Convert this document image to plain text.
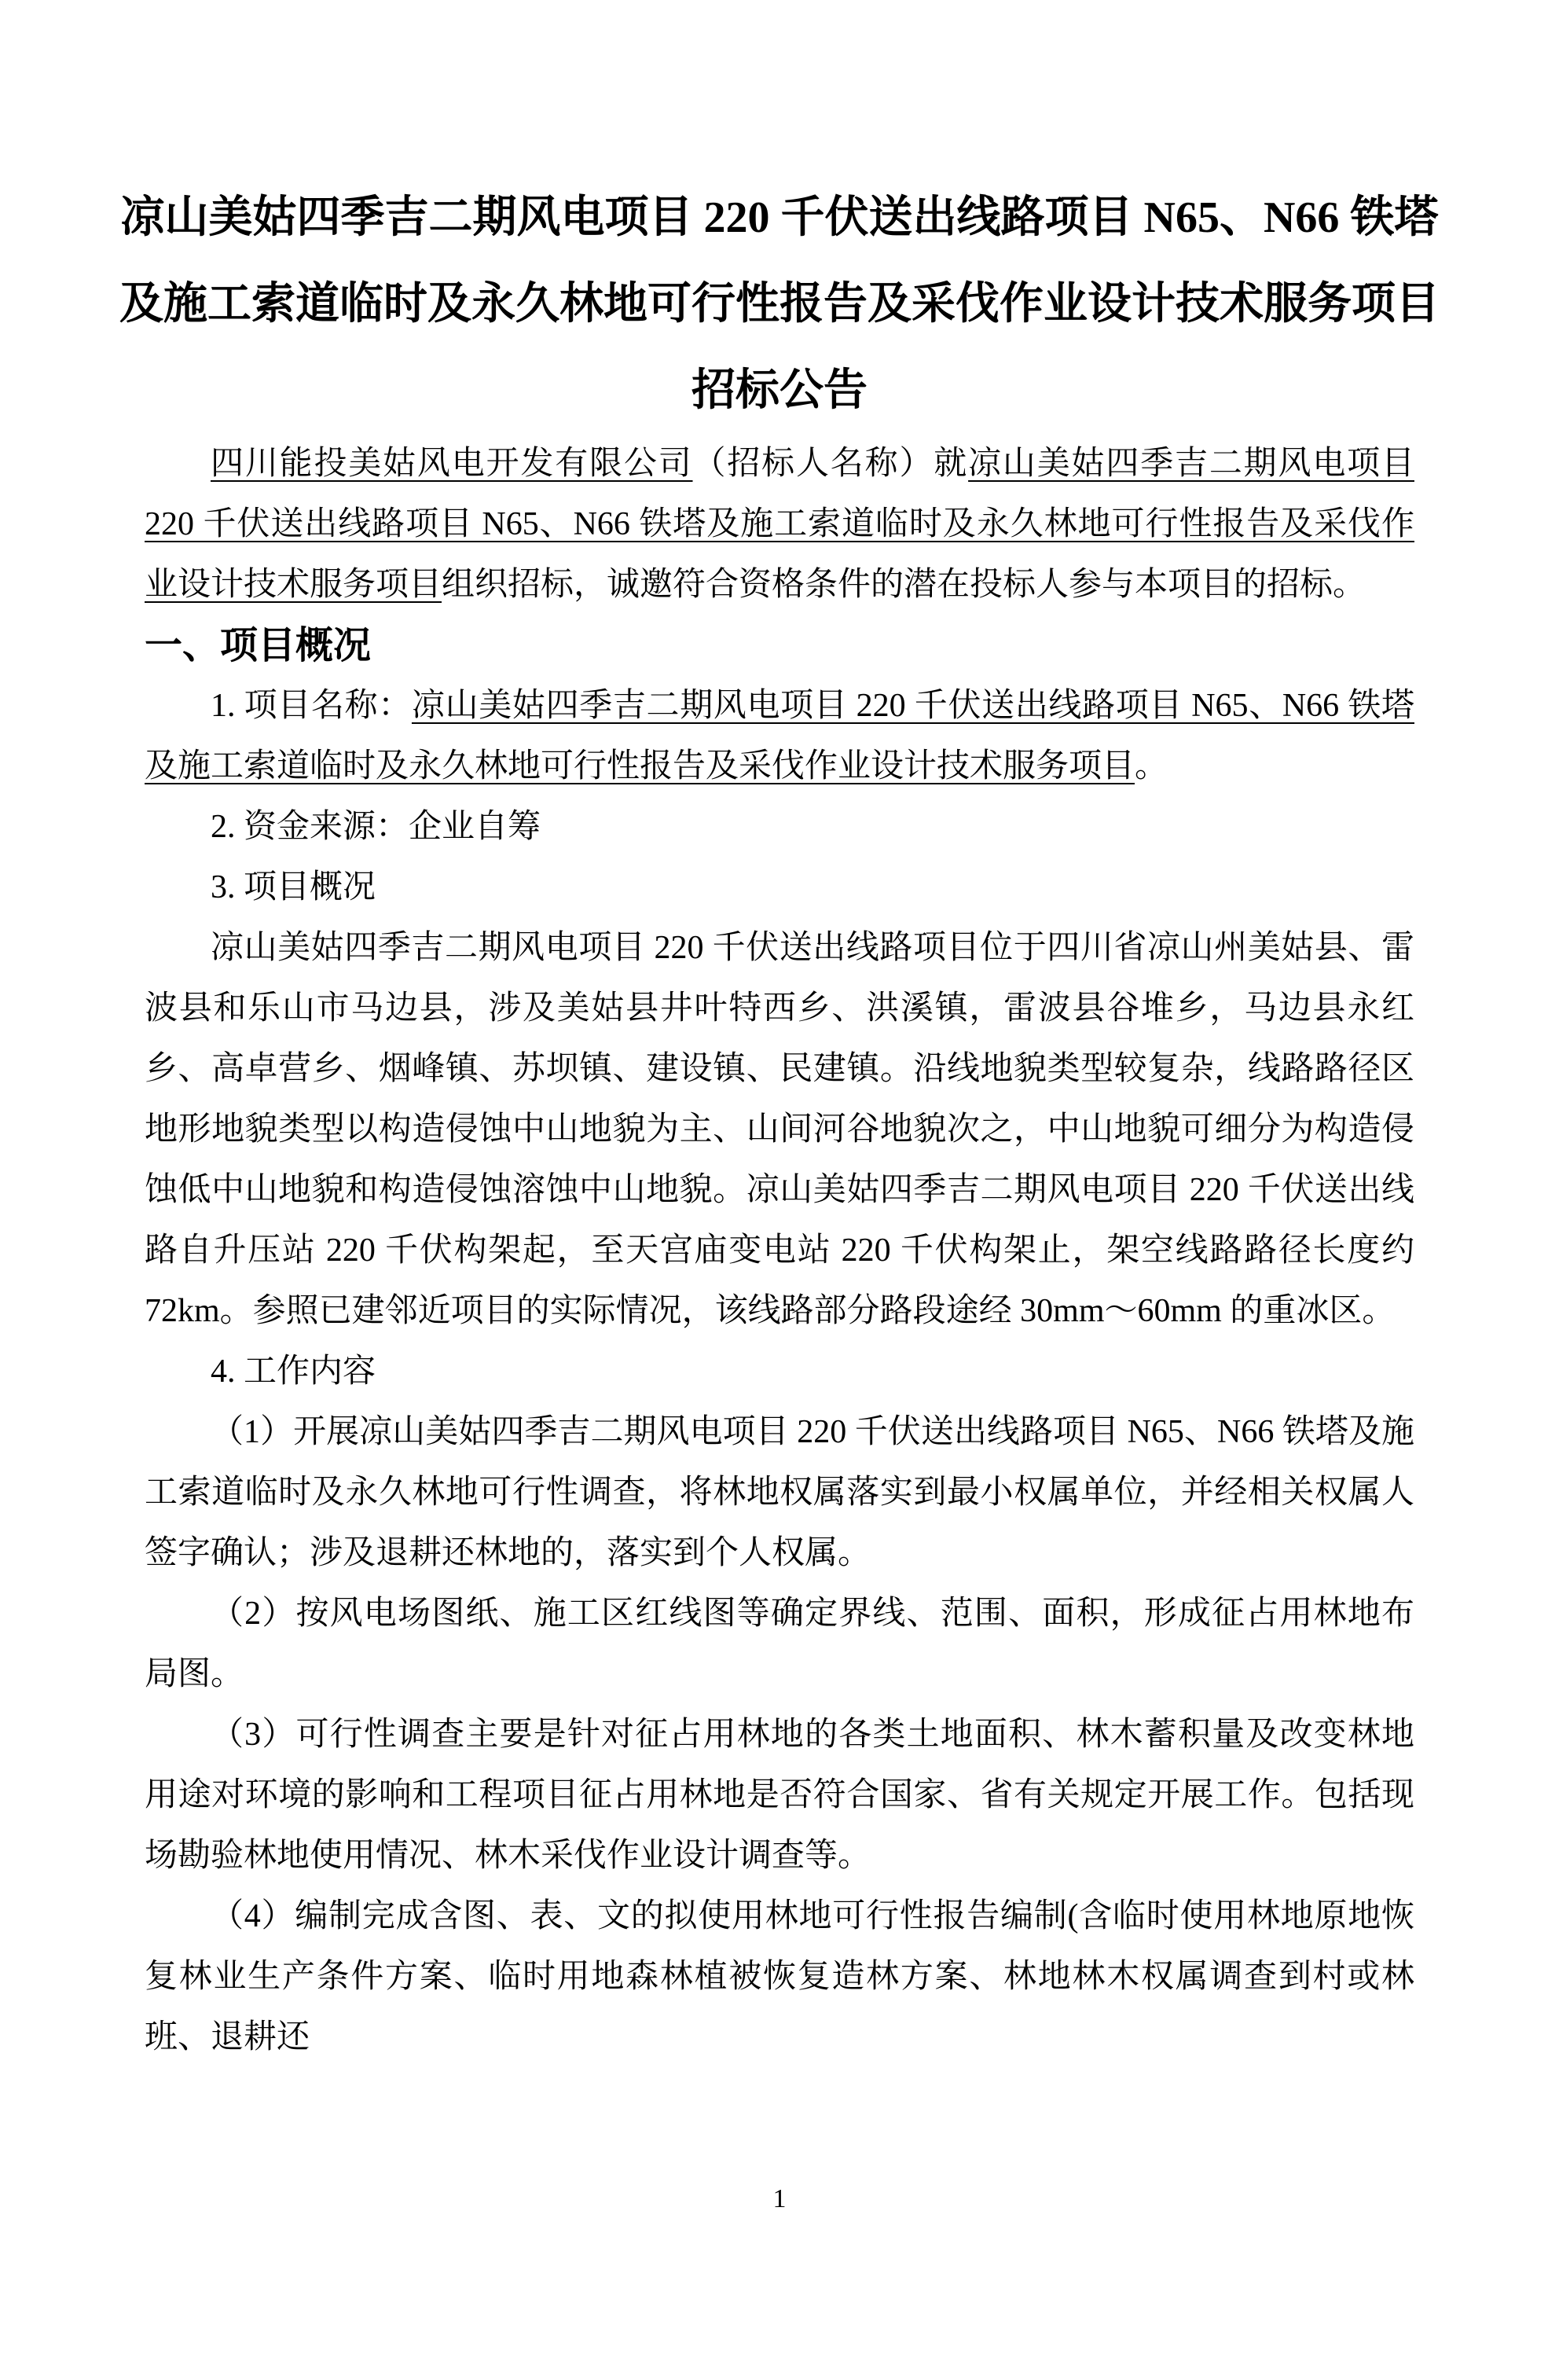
凉山美姑四季吉二期风电项目 220 千伏送出线路项目 N65、N66 铁塔
及施工索道临时及永久林地可行性报告及采伐作业设计技术服务项目
招标公告

四川能投美姑风电开发有限公司（招标人名称）就凉山美姑四季吉二期风电项目 220 千伏送出线路项目 N65、N66 铁塔及施工索道临时及永久林地可行性报告及采伐作业设计技术服务项目组织招标，诚邀符合资格条件的潜在投标人参与本项目的招标。

一、项目概况

1. 项目名称：凉山美姑四季吉二期风电项目 220 千伏送出线路项目 N65、N66 铁塔及施工索道临时及永久林地可行性报告及采伐作业设计技术服务项目。

2. 资金来源：企业自筹

3. 项目概况

凉山美姑四季吉二期风电项目 220 千伏送出线路项目位于四川省凉山州美姑县、雷波县和乐山市马边县，涉及美姑县井叶特西乡、洪溪镇，雷波县谷堆乡，马边县永红乡、高卓营乡、烟峰镇、苏坝镇、建设镇、民建镇。沿线地貌类型较复杂，线路路径区地形地貌类型以构造侵蚀中山地貌为主、山间河谷地貌次之，中山地貌可细分为构造侵蚀低中山地貌和构造侵蚀溶蚀中山地貌。凉山美姑四季吉二期风电项目 220 千伏送出线路自升压站 220 千伏构架起，至天宫庙变电站 220 千伏构架止，架空线路路径长度约 72km。参照已建邻近项目的实际情况，该线路部分路段途经 30mm～60mm 的重冰区。

4. 工作内容

（1）开展凉山美姑四季吉二期风电项目 220 千伏送出线路项目 N65、N66 铁塔及施工索道临时及永久林地可行性调查，将林地权属落实到最小权属单位，并经相关权属人签字确认；涉及退耕还林地的，落实到个人权属。

（2）按风电场图纸、施工区红线图等确定界线、范围、面积，形成征占用林地布局图。

（3）可行性调查主要是针对征占用林地的各类土地面积、林木蓄积量及改变林地用途对环境的影响和工程项目征占用林地是否符合国家、省有关规定开展工作。包括现场勘验林地使用情况、林木采伐作业设计调查等。

（4）编制完成含图、表、文的拟使用林地可行性报告编制(含临时使用林地原地恢复林业生产条件方案、临时用地森林植被恢复造林方案、林地林木权属调查到村或林班、退耕还

1
